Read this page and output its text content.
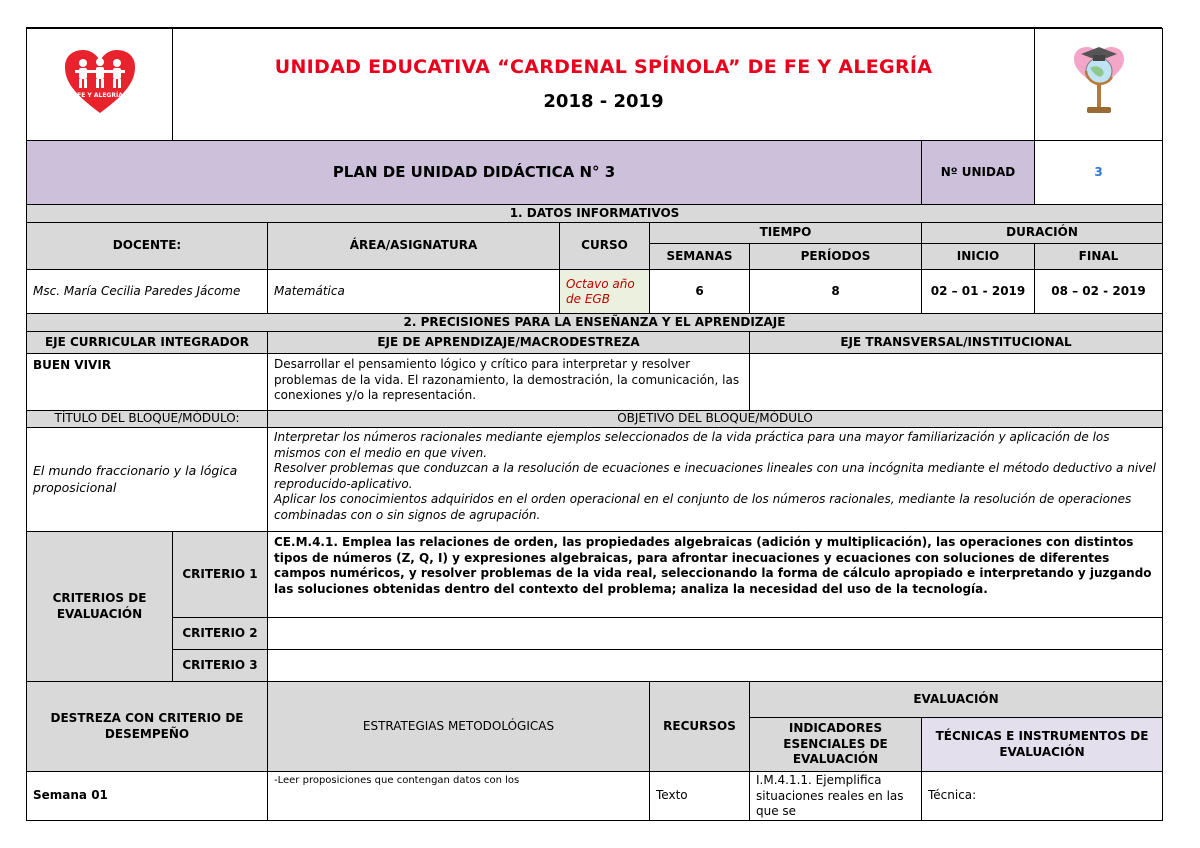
FE Y ALEGRÍA

UNIDAD EDUCATIVA “CARDENAL SPÍNOLA” DE FE Y ALEGRÍA
2018 - 2019

PLAN DE UNIDAD DIDÁCTICA N° 3	Nº UNIDAD	3
1. DATOS INFORMATIVOS							
DOCENTE:		ÁREA/ASIGNATURA	CURSO	TIEMPO		DURACIÓN	
				SEMANAS	PERÍODOS	INICIO	FINAL
Msc. María Cecilia Paredes Jácome		Matemática	Octavo año de EGB	6	8	02 – 01 - 2019	08 – 02 - 2019
2. PRECISIONES PARA LA ENSEÑANZA Y EL APRENDIZAJE							
EJE CURRICULAR INTEGRADOR		EJE DE APRENDIZAJE/MACRODESTREZA			EJE TRANSVERSAL/INSTITUCIONAL		
BUEN VIVIR		Desarrollar el pensamiento lógico y crítico para interpretar y resolver problemas de la vida. El razonamiento, la demostración, la comunicación, las conexiones y/o la representación.					
TÍTULO DEL BLOQUE/MÓDULO:		OBJETIVO DEL BLOQUE/MÓDULO					
El mundo fraccionario y la lógica proposicional		Interpretar los números racionales mediante ejemplos seleccionados de la vida práctica para una mayor familiarización y aplicación de los mismos con el medio en que viven.
Resolver problemas que conduzcan a la resolución de ecuaciones e inecuaciones lineales con una incógnita mediante el método deductivo a nivel reproducido-aplicativo.
Aplicar los conocimientos adquiridos en el orden operacional en el conjunto de los números racionales, mediante la resolución de operaciones combinadas con o sin signos de agrupación.					

CRITERIOS DE EVALUACIÓN	CRITERIO 1	CE.M.4.1. Emplea las relaciones de orden, las propiedades algebraicas (adición y multiplicación), las operaciones con distintos tipos de números (Z, Q, I) y expresiones algebraicas, para afrontar inecuaciones y ecuaciones con soluciones de diferentes campos numéricos, y resolver problemas de la vida real, seleccionando la forma de cálculo apropiado e interpretando y juzgando las soluciones obtenidas dentro del contexto del problema; analiza la necesidad del uso de la tecnología.					
	CRITERIO 2						
	CRITERIO 3						
DESTREZA CON CRITERIO DE DESEMPEÑO		ESTRATEGIAS METODOLÓGICAS		RECURSOS	EVALUACIÓN		
					INDICADORES ESENCIALES DE EVALUACIÓN	TÉCNICAS E INSTRUMENTOS DE EVALUACIÓN	
Semana 01		-Leer proposiciones que contengan datos con los		Texto	I.M.4.1.1. Ejemplifica situaciones reales en las que se	Técnica:	
